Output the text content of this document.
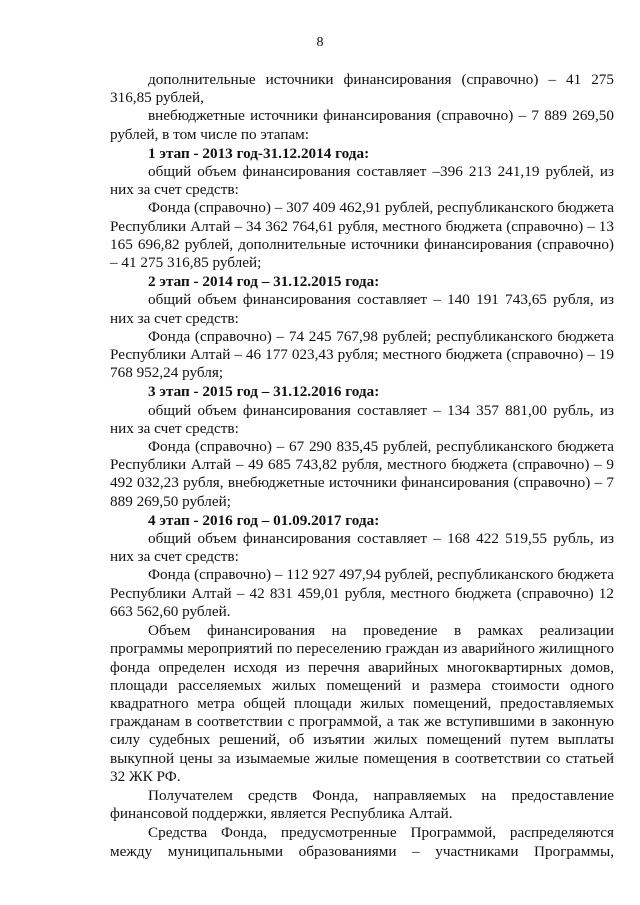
8

дополнительные источники финансирования (справочно) – 41 275 316,85 рублей,

внебюджетные источники финансирования (справочно) – 7 889 269,50 рублей, в том числе по этапам:

1 этап - 2013 год-31.12.2014 года:

общий объем финансирования составляет –396 213 241,19 рублей, из них за счет средств:

Фонда (справочно) – 307 409 462,91 рублей, республиканского бюджета Республики Алтай – 34 362 764,61 рубля, местного бюджета (справочно) – 13 165 696,82 рублей, дополнительные источники финансирования (справочно) – 41 275 316,85 рублей;

2 этап - 2014 год – 31.12.2015 года:

общий объем финансирования составляет – 140 191 743,65 рубля, из них за счет средств:

Фонда (справочно) – 74 245 767,98 рублей; республиканского бюджета Республики Алтай – 46 177 023,43 рубля; местного бюджета (справочно) – 19 768 952,24 рубля;

3 этап - 2015 год – 31.12.2016 года:

общий объем финансирования составляет – 134 357 881,00 рубль, из них за счет средств:

Фонда (справочно) – 67 290 835,45 рублей, республиканского бюджета Республики Алтай – 49 685 743,82 рубля, местного бюджета (справочно) – 9 492 032,23 рубля, внебюджетные источники финансирования (справочно) – 7 889 269,50 рублей;

4 этап - 2016 год – 01.09.2017 года:

общий объем финансирования составляет – 168 422 519,55 рубль, из них за счет средств:

Фонда (справочно) – 112 927 497,94 рублей, республиканского бюджета Республики Алтай – 42 831 459,01 рубля, местного бюджета (справочно) 12 663 562,60 рублей.

Объем финансирования на проведение в рамках реализации программы мероприятий по переселению граждан из аварийного жилищного фонда определен исходя из перечня аварийных многоквартирных домов, площади расселяемых жилых помещений и размера стоимости одного квадратного метра общей площади жилых помещений, предоставляемых гражданам в соответствии с программой, а так же вступившими в законную силу судебных решений, об изъятии жилых помещений путем выплаты выкупной цены за изымаемые жилые помещения в соответствии со статьей 32 ЖК РФ.

Получателем средств Фонда, направляемых на предоставление финансовой поддержки, является Республика Алтай.

Средства Фонда, предусмотренные Программой, распределяются между муниципальными образованиями – участниками Программы,
